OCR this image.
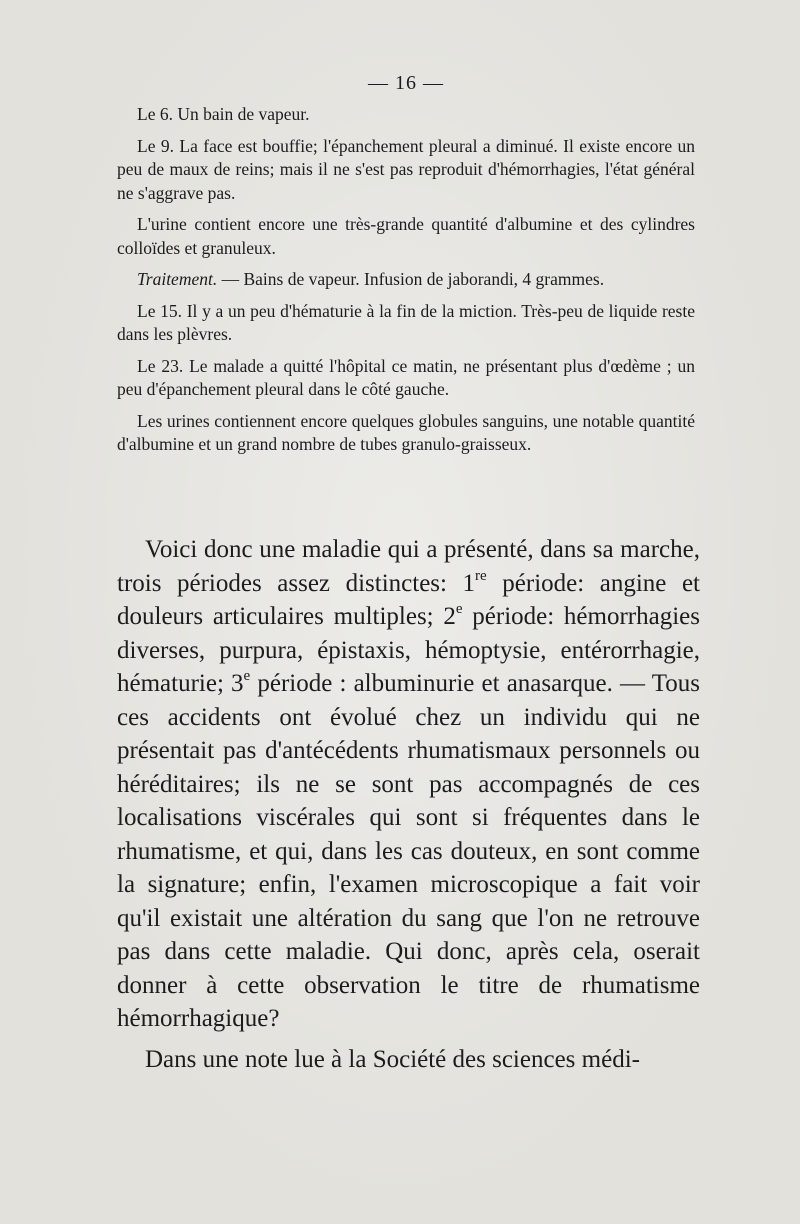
— 16 —

Le 6. Un bain de vapeur.

Le 9. La face est bouffie; l'épanchement pleural a diminué. Il existe encore un peu de maux de reins; mais il ne s'est pas reproduit d'hémorrhagies, l'état général ne s'aggrave pas.

L'urine contient encore une très-grande quantité d'albumine et des cylindres colloïdes et granuleux.

Traitement. — Bains de vapeur. Infusion de jaborandi, 4 grammes.

Le 15. Il y a un peu d'hématurie à la fin de la miction. Très-peu de liquide reste dans les plèvres.

Le 23. Le malade a quitté l'hôpital ce matin, ne présentant plus d'œdème ; un peu d'épanchement pleural dans le côté gauche.

Les urines contiennent encore quelques globules sanguins, une notable quantité d'albumine et un grand nombre de tubes granulo-graisseux.

Voici donc une maladie qui a présenté, dans sa marche, trois périodes assez distinctes: 1re période: angine et douleurs articulaires multiples; 2e période: hémorrhagies diverses, purpura, épistaxis, hémoptysie, entérorrhagie, hématurie; 3e période : albuminurie et anasarque. — Tous ces accidents ont évolué chez un individu qui ne présentait pas d'antécédents rhumatismaux personnels ou héréditaires; ils ne se sont pas accompagnés de ces localisations viscérales qui sont si fréquentes dans le rhumatisme, et qui, dans les cas douteux, en sont comme la signature; enfin, l'examen microscopique a fait voir qu'il existait une altération du sang que l'on ne retrouve pas dans cette maladie. Qui donc, après cela, oserait donner à cette observation le titre de rhumatisme hémorrhagique?

Dans une note lue à la Société des sciences médi-
